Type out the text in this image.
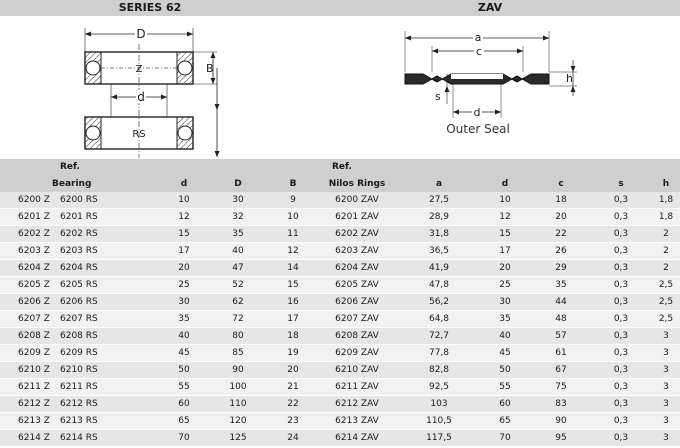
SERIES 62	ZAV
D
Z	B
d
RS
a
c
h
s
d
Outer Seal
	Ref.				Ref.					
Bearing		d	D	B	Nilos Rings	a	d	c	s	h
6200 Z	6200 RS	10	30	9	6200 ZAV	27,5	10	18	0,3	1,8
6201 Z	6201 RS	12	32	10	6201 ZAV	28,9	12	20	0,3	1,8
6202 Z	6202 RS	15	35	11	6202 ZAV	31,8	15	22	0,3	2
6203 Z	6203 RS	17	40	12	6203 ZAV	36,5	17	26	0,3	2
6204 Z	6204 RS	20	47	14	6204 ZAV	41,9	20	29	0,3	2
6205 Z	6205 RS	25	52	15	6205 ZAV	47,8	25	35	0,3	2,5
6206 Z	6206 RS	30	62	16	6206 ZAV	56,2	30	44	0,3	2,5
6207 Z	6207 RS	35	72	17	6207 ZAV	64,8	35	48	0,3	2,5
6208 Z	6208 RS	40	80	18	6208 ZAV	72,7	40	57	0,3	3
6209 Z	6209 RS	45	85	19	6209 ZAV	77,8	45	61	0,3	3
6210 Z	6210 RS	50	90	20	6210 ZAV	82,8	50	67	0,3	3
6211 Z	6211 RS	55	100	21	6211 ZAV	92,5	55	75	0,3	3
6212 Z	6212 RS	60	110	22	6212 ZAV	103	60	83	0,3	3
6213 Z	6213 RS	65	120	23	6213 ZAV	110,5	65	90	0,3	3
6214 Z	6214 RS	70	125	24	6214 ZAV	117,5	70	95	0,3	3
